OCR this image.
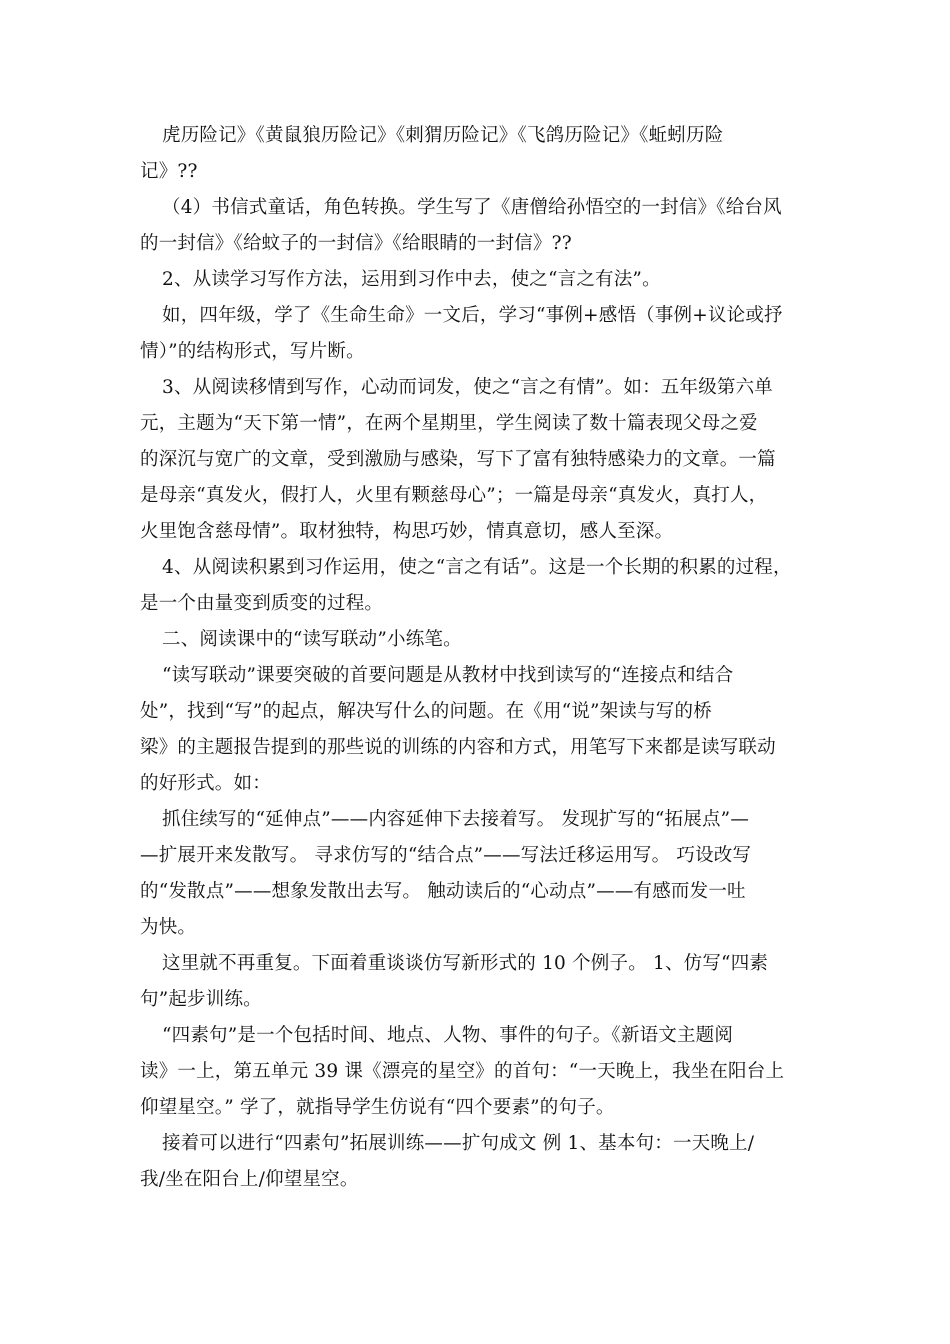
虎历险记》《黄鼠狼历险记》《刺猬历险记》《飞鸽历险记》《蚯蚓历险
记》??
（4）书信式童话，角色转换。学生写了《唐僧给孙悟空的一封信》《给台风
的一封信》《给蚊子的一封信》《给眼睛的一封信》??
2、从读学习写作方法，运用到习作中去，使之“言之有法”。
如，四年级，学了《生命生命》一文后，学习“事例+感悟（事例+议论或抒
情）”的结构形式，写片断。
3、从阅读移情到写作，心动而词发，使之“言之有情”。如：五年级第六单
元，主题为“天下第一情”，在两个星期里，学生阅读了数十篇表现父母之爱
的深沉与宽广的文章，受到激励与感染，写下了富有独特感染力的文章。一篇
是母亲“真发火，假打人，火里有颗慈母心”；一篇是母亲“真发火，真打人，
火里饱含慈母情”。取材独特，构思巧妙，情真意切，感人至深。
4、从阅读积累到习作运用，使之“言之有话”。这是一个长期的积累的过程，
是一个由量变到质变的过程。
二、阅读课中的“读写联动”小练笔。
“读写联动”课要突破的首要问题是从教材中找到读写的“连接点和结合
处”，找到“写”的起点，解决写什么的问题。在《用“说”架读与写的桥
梁》的主题报告提到的那些说的训练的内容和方式，用笔写下来都是读写联动
的好形式。如：
抓住续写的“延伸点”——内容延伸下去接着写。 发现扩写的“拓展点”—
—扩展开来发散写。 寻求仿写的“结合点”——写法迁移运用写。 巧设改写
的“发散点”——想象发散出去写。 触动读后的“心动点”——有感而发一吐
为快。
这里就不再重复。下面着重谈谈仿写新形式的 10 个例子。 1、仿写“四素
句”起步训练。
“四素句”是一个包括时间、地点、人物、事件的句子。《新语文主题阅
读》一上，第五单元 39 课《漂亮的星空》的首句：“一天晚上，我坐在阳台上
仰望星空。” 学了，就指导学生仿说有“四个要素”的句子。
接着可以进行“四素句”拓展训练——扩句成文 例 1、基本句：一天晚上/
我/坐在阳台上/仰望星空。
